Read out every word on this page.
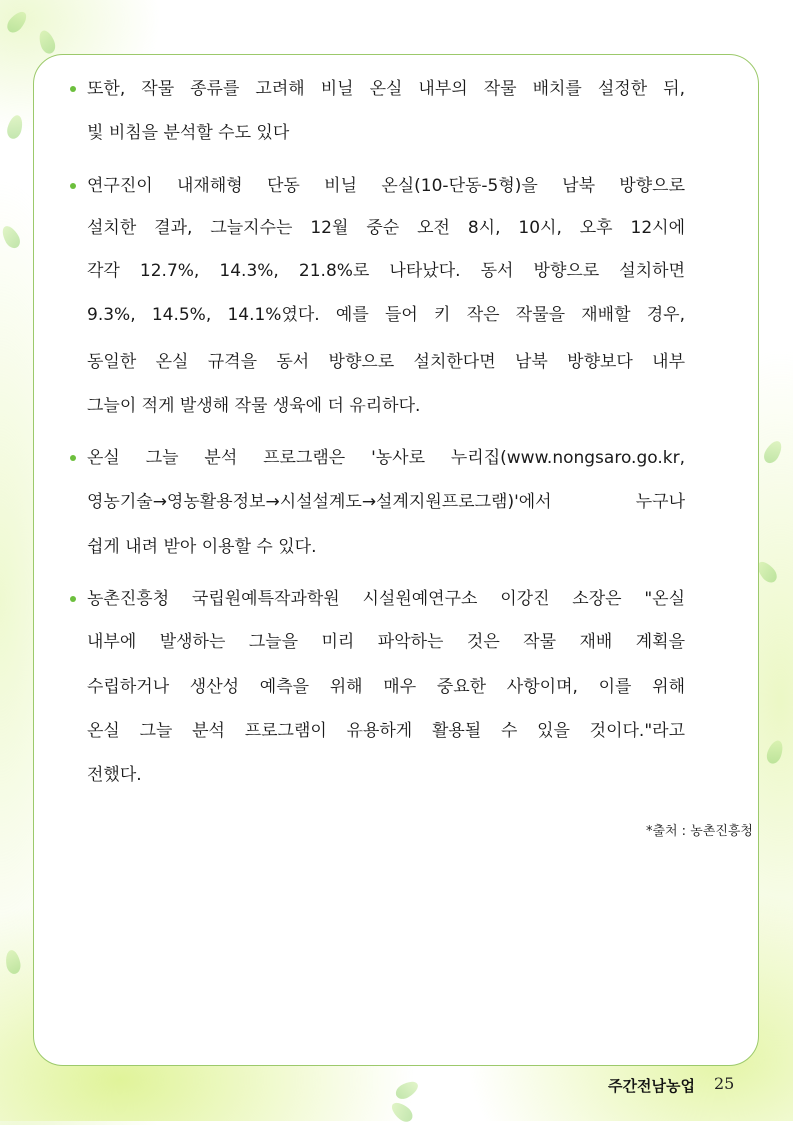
또한, 작물 종류를 고려해 비닐 온실 내부의 작물 배치를 설정한 뒤,
빛 비침을 분석할 수도 있다
연구진이 내재해형 단동 비닐 온실(10-단동-5형)을 남북 방향으로
설치한 결과, 그늘지수는 12월 중순 오전 8시, 10시, 오후 12시에
각각 12.7%, 14.3%, 21.8%로 나타났다. 동서 방향으로 설치하면
9.3%, 14.5%, 14.1%였다. 예를 들어 키 작은 작물을 재배할 경우,
동일한 온실 규격을 동서 방향으로 설치한다면 남북 방향보다 내부
그늘이 적게 발생해 작물 생육에 더 유리하다.
온실 그늘 분석 프로그램은 '농사로 누리집(www.nongsaro.go.kr,
영농기술→영농활용정보→시설설계도→설계지원프로그램)'에서 누구나
쉽게 내려 받아 이용할 수 있다.
농촌진흥청 국립원예특작과학원 시설원예연구소 이강진 소장은 "온실
내부에 발생하는 그늘을 미리 파악하는 것은 작물 재배 계획을
수립하거나 생산성 예측을 위해 매우 중요한 사항이며, 이를 위해
온실 그늘 분석 프로그램이 유용하게 활용될 수 있을 것이다."라고
전했다.
*출처 : 농촌진흥청
주간전남농업 25
